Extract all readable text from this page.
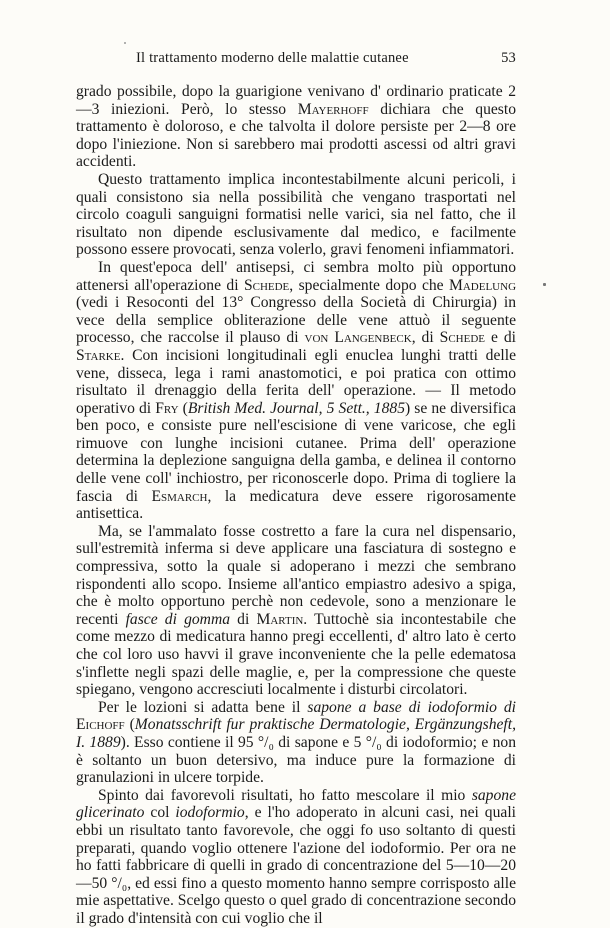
Il trattamento moderno delle malattie cutanee	53

grado possibile, dopo la guarigione venivano d' ordinario praticate 2—3 iniezioni. Però, lo stesso Mayerhoff dichiara che questo trattamento è doloroso, e che talvolta il dolore persiste per 2—8 ore dopo l'iniezione. Non si sarebbero mai prodotti ascessi od altri gravi accidenti.

Questo trattamento implica incontestabilmente alcuni pericoli, i quali consistono sia nella possibilità che vengano trasportati nel circolo coaguli sanguigni formatisi nelle varici, sia nel fatto, che il risultato non dipende esclusivamente dal medico, e facilmente possono essere provocati, senza volerlo, gravi fenomeni infiammatori.

In quest'epoca dell' antisepsi, ci sembra molto più opportuno attenersi all'operazione di Schede, specialmente dopo che Madelung (vedi i Resoconti del 13° Congresso della Società di Chirurgia) in vece della semplice obliterazione delle vene attuò il seguente processo, che raccolse il plauso di von Langenbeck, di Schede e di Starke. Con incisioni longitudinali egli enuclea lunghi tratti delle vene, disseca, lega i rami anastomotici, e poi pratica con ottimo risultato il drenaggio della ferita dell' operazione. — Il metodo operativo di Fry (British Med. Journal, 5 Sett., 1885) se ne diversifica ben poco, e consiste pure nell'escisione di vene varicose, che egli rimuove con lunghe incisioni cutanee. Prima dell' operazione determina la deplezione sanguigna della gamba, e delinea il contorno delle vene coll' inchiostro, per riconoscerle dopo. Prima di togliere la fascia di Esmarch, la medicatura deve essere rigorosamente antisettica.

Ma, se l'ammalato fosse costretto a fare la cura nel dispensario, sull'estremità inferma si deve applicare una fasciatura di sostegno e compressiva, sotto la quale si adoperano i mezzi che sembrano rispondenti allo scopo. Insieme all'antico empiastro adesivo a spiga, che è molto opportuno perchè non cedevole, sono a menzionare le recenti fasce di gomma di Martin. Tuttochè sia incontestabile che come mezzo di medicatura hanno pregi eccellenti, d' altro lato è certo che col loro uso havvi il grave inconveniente che la pelle edematosa s'inflette negli spazi delle maglie, e, per la compressione che queste spiegano, vengono accresciuti localmente i disturbi circolatori.

Per le lozioni si adatta bene il sapone a base di iodoformio di Eichoff (Monatsschrift fur praktische Dermatologie, Ergänzungsheft, I. 1889). Esso contiene il 95 °/₀ di sapone e 5 °/₀ di iodoformio; e non è soltanto un buon detersivo, ma induce pure la formazione di granulazioni in ulcere torpide.

Spinto dai favorevoli risultati, ho fatto mescolare il mio sapone glicerinato col iodoformio, e l'ho adoperato in alcuni casi, nei quali ebbi un risultato tanto favorevole, che oggi fo uso soltanto di questi preparati, quando voglio ottenere l'azione del iodoformio. Per ora ne ho fatti fabbricare di quelli in grado di concentrazione del 5—10—20—50 °/₀, ed essi fino a questo momento hanno sempre corrisposto alle mie aspettative. Scelgo questo o quel grado di concentrazione secondo il grado d'intensità con cui voglio che il
